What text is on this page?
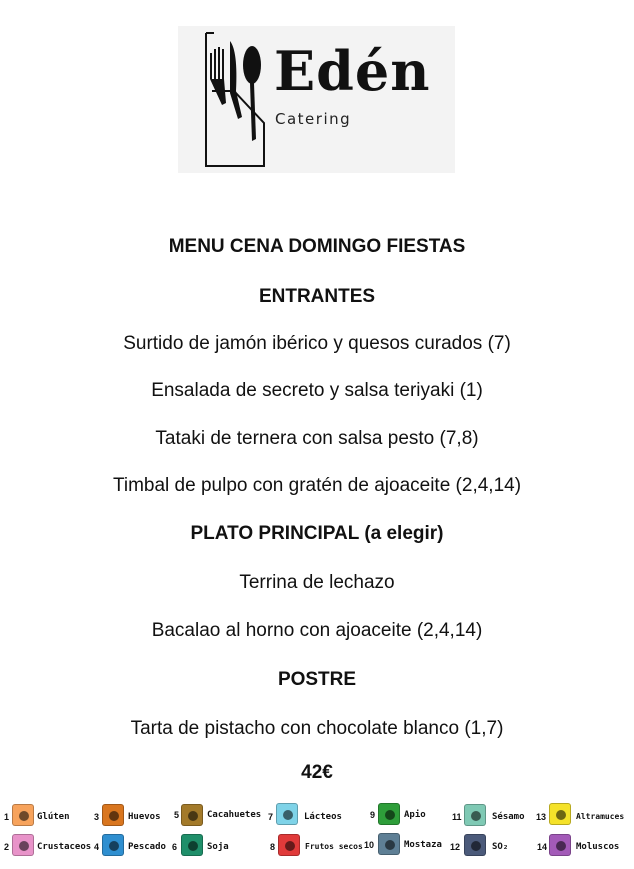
Edén
Catering
MENU CENA DOMINGO FIESTAS
ENTRANTES
Surtido de jamón ibérico y quesos curados (7)
Ensalada de secreto y salsa teriyaki (1)
Tataki de ternera con salsa pesto (7,8)
Timbal de pulpo con gratén de ajoaceite (2,4,14)
PLATO PRINCIPAL (a elegir)
Terrina de lechazo
Bacalao al horno con ajoaceite (2,4,14)
POSTRE
Tarta de pistacho con chocolate blanco (1,7)
42€
1	Glúten	3	Huevos 5	Cacahuetes 7	Lácteos	9	Apio	11	Sésamo 13	Altramuces
2	Crustaceos 4	Pescado 6	Soja	8	Frutos secos 10	Mostaza 12	SO₂	14	Moluscos
